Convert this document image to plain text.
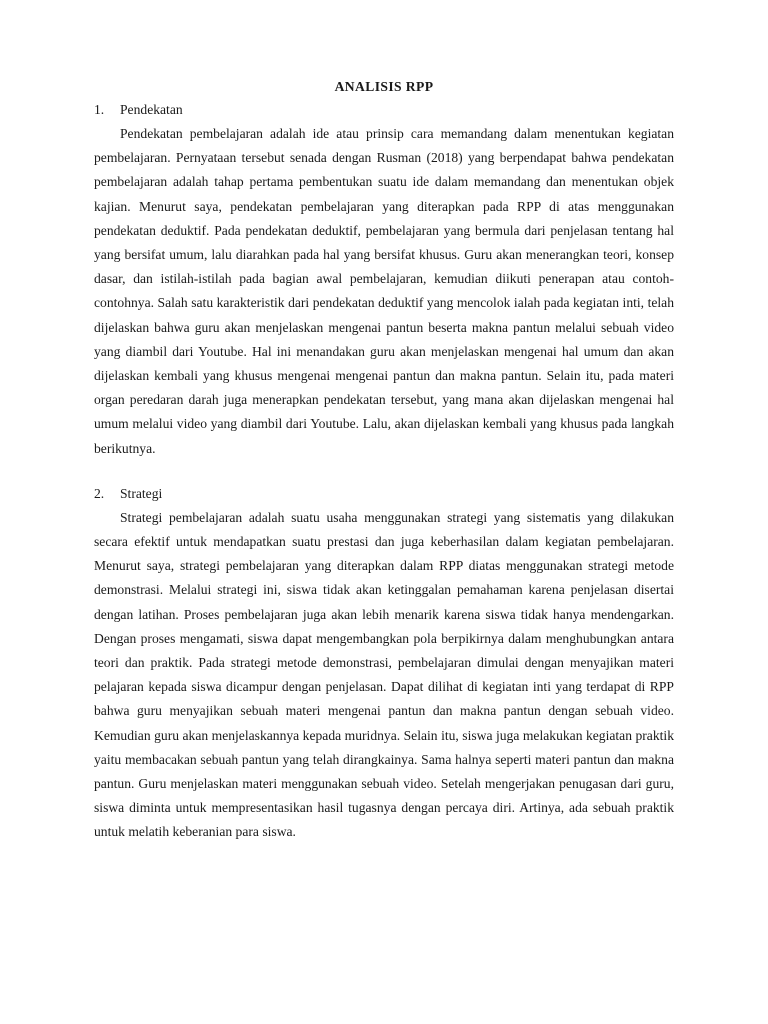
ANALISIS RPP
1.	Pendekatan

Pendekatan pembelajaran adalah ide atau prinsip cara memandang dalam menentukan kegiatan pembelajaran. Pernyataan tersebut senada dengan Rusman (2018) yang berpendapat bahwa pendekatan pembelajaran adalah tahap pertama pembentukan suatu ide dalam memandang dan menentukan objek kajian. Menurut saya, pendekatan pembelajaran yang diterapkan pada RPP di atas menggunakan pendekatan deduktif. Pada pendekatan deduktif, pembelajaran yang bermula dari penjelasan tentang hal yang bersifat umum, lalu diarahkan pada hal yang bersifat khusus. Guru akan menerangkan teori, konsep dasar, dan istilah-istilah pada bagian awal pembelajaran, kemudian diikuti penerapan atau contoh-contohnya. Salah satu karakteristik dari pendekatan deduktif yang mencolok ialah pada kegiatan inti, telah dijelaskan bahwa guru akan menjelaskan mengenai pantun beserta makna pantun melalui sebuah video yang diambil dari Youtube. Hal ini menandakan guru akan menjelaskan mengenai hal umum dan akan dijelaskan kembali yang khusus mengenai mengenai pantun dan makna pantun. Selain itu, pada materi organ peredaran darah juga menerapkan pendekatan tersebut, yang mana akan dijelaskan mengenai hal umum melalui video yang diambil dari Youtube. Lalu, akan dijelaskan kembali yang khusus pada langkah berikutnya.

2.	Strategi

Strategi pembelajaran adalah suatu usaha menggunakan strategi yang sistematis yang dilakukan secara efektif untuk mendapatkan suatu prestasi dan juga keberhasilan dalam kegiatan pembelajaran. Menurut saya, strategi pembelajaran yang diterapkan dalam RPP diatas menggunakan strategi metode demonstrasi. Melalui strategi ini, siswa tidak akan ketinggalan pemahaman karena penjelasan disertai dengan latihan. Proses pembelajaran juga akan lebih menarik karena siswa tidak hanya mendengarkan. Dengan proses mengamati, siswa dapat mengembangkan pola berpikirnya dalam menghubungkan antara teori dan praktik. Pada strategi metode demonstrasi, pembelajaran dimulai dengan menyajikan materi pelajaran kepada siswa dicampur dengan penjelasan. Dapat dilihat di kegiatan inti yang terdapat di RPP bahwa guru menyajikan sebuah materi mengenai pantun dan makna pantun dengan sebuah video. Kemudian guru akan menjelaskannya kepada muridnya. Selain itu, siswa juga melakukan kegiatan praktik yaitu membacakan sebuah pantun yang telah dirangkainya. Sama halnya seperti materi pantun dan makna pantun. Guru menjelaskan materi menggunakan sebuah video. Setelah mengerjakan penugasan dari guru, siswa diminta untuk mempresentasikan hasil tugasnya dengan percaya diri. Artinya, ada sebuah praktik untuk melatih keberanian para siswa.
